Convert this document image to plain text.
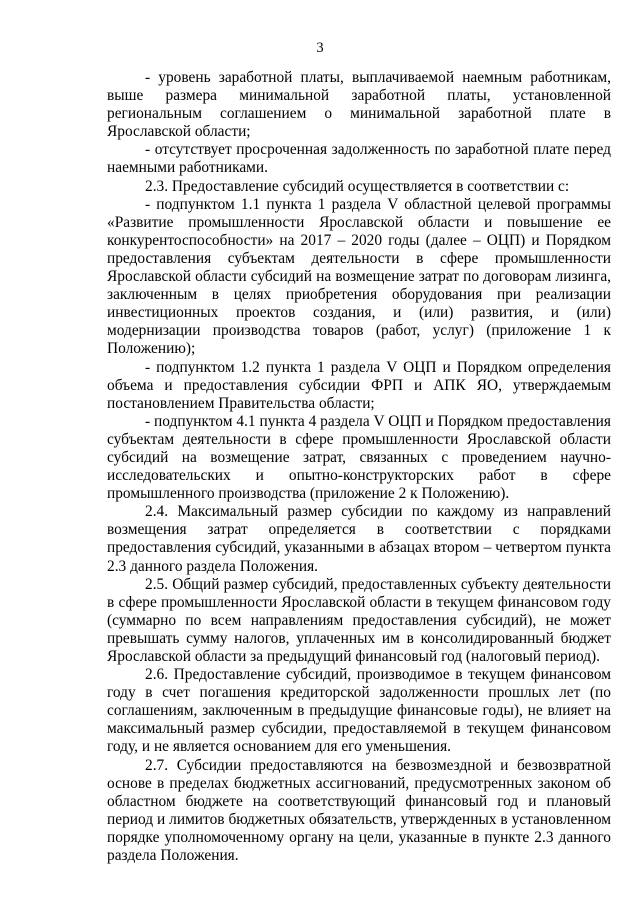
3

- уровень заработной платы, выплачиваемой наемным работникам, выше размера минимальной заработной платы, установленной региональным соглашением о минимальной заработной плате в Ярославской области;

- отсутствует просроченная задолженность по заработной плате перед наемными работниками.

2.3. Предоставление субсидий осуществляется в соответствии с:

- подпунктом 1.1 пункта 1 раздела V областной целевой программы «Развитие промышленности Ярославской области и повышение ее конкурентоспособности» на 2017 – 2020 годы (далее – ОЦП) и Порядком предоставления субъектам деятельности в сфере промышленности Ярославской области субсидий на возмещение затрат по договорам лизинга, заключенным в целях приобретения оборудования при реализации инвестиционных проектов создания, и (или) развития, и (или) модернизации производства товаров (работ, услуг) (приложение 1 к Положению);

- подпунктом 1.2 пункта 1 раздела V ОЦП и Порядком определения объема и предоставления субсидии ФРП и АПК ЯО, утверждаемым постановлением Правительства области;

- подпунктом 4.1 пункта 4 раздела V ОЦП и Порядком предоставления субъектам деятельности в сфере промышленности Ярославской области субсидий на возмещение затрат, связанных с проведением научно-исследовательских и опытно-конструкторских работ в сфере промышленного производства (приложение 2 к Положению).

2.4. Максимальный размер субсидии по каждому из направлений возмещения затрат определяется в соответствии с порядками предоставления субсидий, указанными в абзацах втором – четвертом пункта 2.3 данного раздела Положения.

2.5. Общий размер субсидий, предоставленных субъекту деятельности в сфере промышленности Ярославской области в текущем финансовом году (суммарно по всем направлениям предоставления субсидий), не может превышать сумму налогов, уплаченных им в консолидированный бюджет Ярославской области за предыдущий финансовый год (налоговый период).

2.6. Предоставление субсидий, производимое в текущем финансовом году в счет погашения кредиторской задолженности прошлых лет (по соглашениям, заключенным в предыдущие финансовые годы), не влияет на максимальный размер субсидии, предоставляемой в текущем финансовом году, и не является основанием для его уменьшения.

2.7. Субсидии предоставляются на безвозмездной и безвозвратной основе в пределах бюджетных ассигнований, предусмотренных законом об областном бюджете на соответствующий финансовый год и плановый период и лимитов бюджетных обязательств, утвержденных в установленном порядке уполномоченному органу на цели, указанные в пункте 2.3 данного раздела Положения.
